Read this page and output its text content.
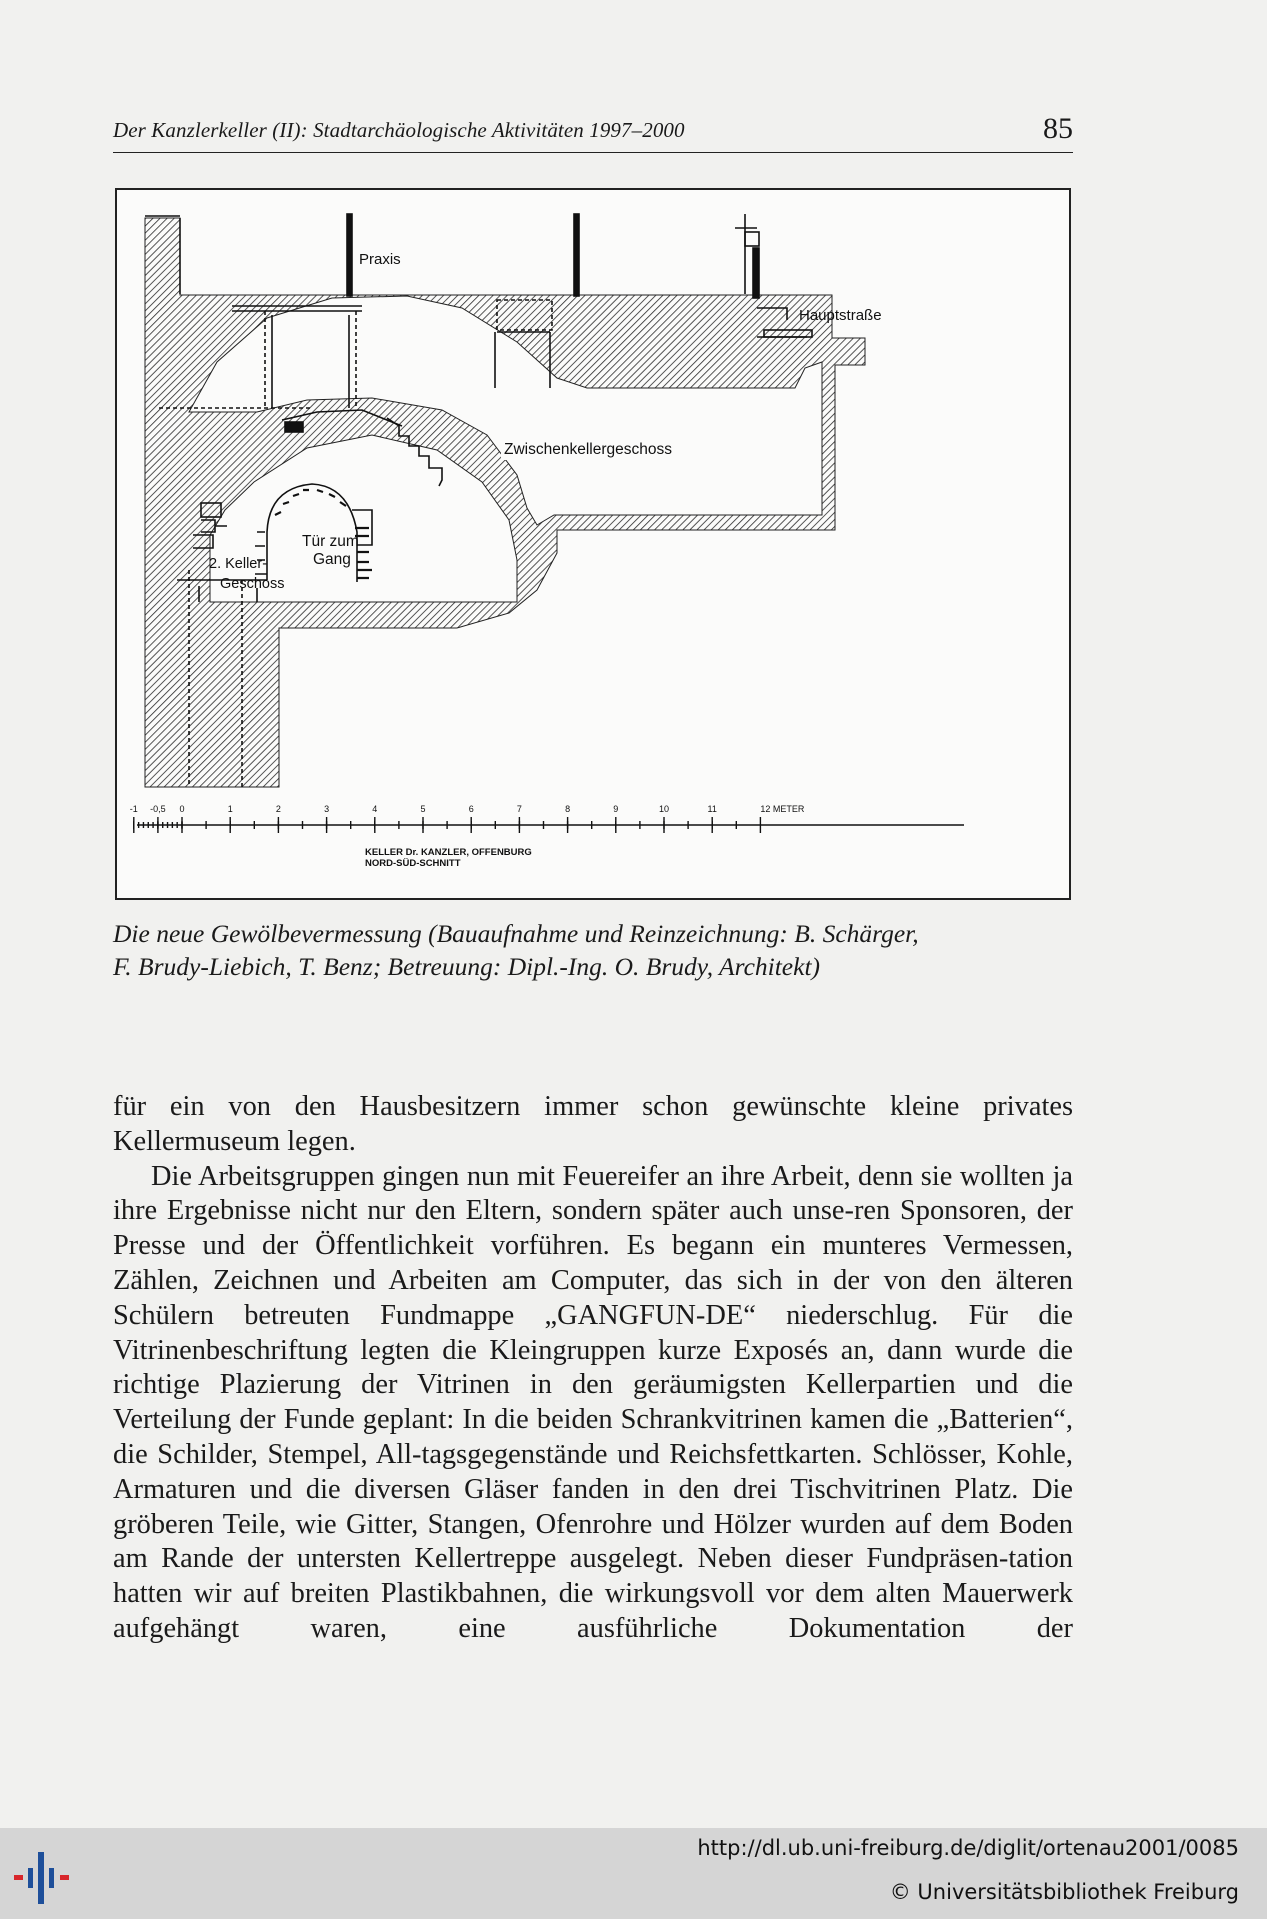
Der Kanzlerkeller (II): Stadtarchäologische Aktivitäten 1997–2000	85
Praxis
Hauptstraße
Zwischenkellergeschoss
2. Keller-
Geschoss
Tür zum
Gang
-1 -0,5 0	1	2	3	4	5	6	7	8	9	10	11	12 METER
KELLER Dr. KANZLER, OFFENBURG
NORD-SÜD-SCHNITT
Die neue Gewölbevermessung (Bauaufnahme und Reinzeichnung: B. Schärger,
F. Brudy-Liebich, T. Benz; Betreuung: Dipl.-Ing. O. Brudy, Architekt)

für ein von den Hausbesitzern immer schon gewünschte kleine privates Kellermuseum legen.

Die Arbeitsgruppen gingen nun mit Feuereifer an ihre Arbeit, denn sie wollten ja ihre Ergebnisse nicht nur den Eltern, sondern später auch unse-ren Sponsoren, der Presse und der Öffentlichkeit vorführen. Es begann ein munteres Vermessen, Zählen, Zeichnen und Arbeiten am Computer, das sich in der von den älteren Schülern betreuten Fundmappe „GANGFUN-DE“ niederschlug. Für die Vitrinenbeschriftung legten die Kleingruppen kurze Exposés an, dann wurde die richtige Plazierung der Vitrinen in den geräumigsten Kellerpartien und die Verteilung der Funde geplant: In die beiden Schrankvitrinen kamen die „Batterien“, die Schilder, Stempel, All-tagsgegenstände und Reichsfettkarten. Schlösser, Kohle, Armaturen und die diversen Gläser fanden in den drei Tischvitrinen Platz. Die gröberen Teile, wie Gitter, Stangen, Ofenrohre und Hölzer wurden auf dem Boden am Rande der untersten Kellertreppe ausgelegt. Neben dieser Fundpräsen-tation hatten wir auf breiten Plastikbahnen, die wirkungsvoll vor dem alten Mauerwerk aufgehängt waren, eine ausführliche Dokumentation der

http://dl.ub.uni-freiburg.de/diglit/ortenau2001/0085
© Universitätsbibliothek Freiburg
